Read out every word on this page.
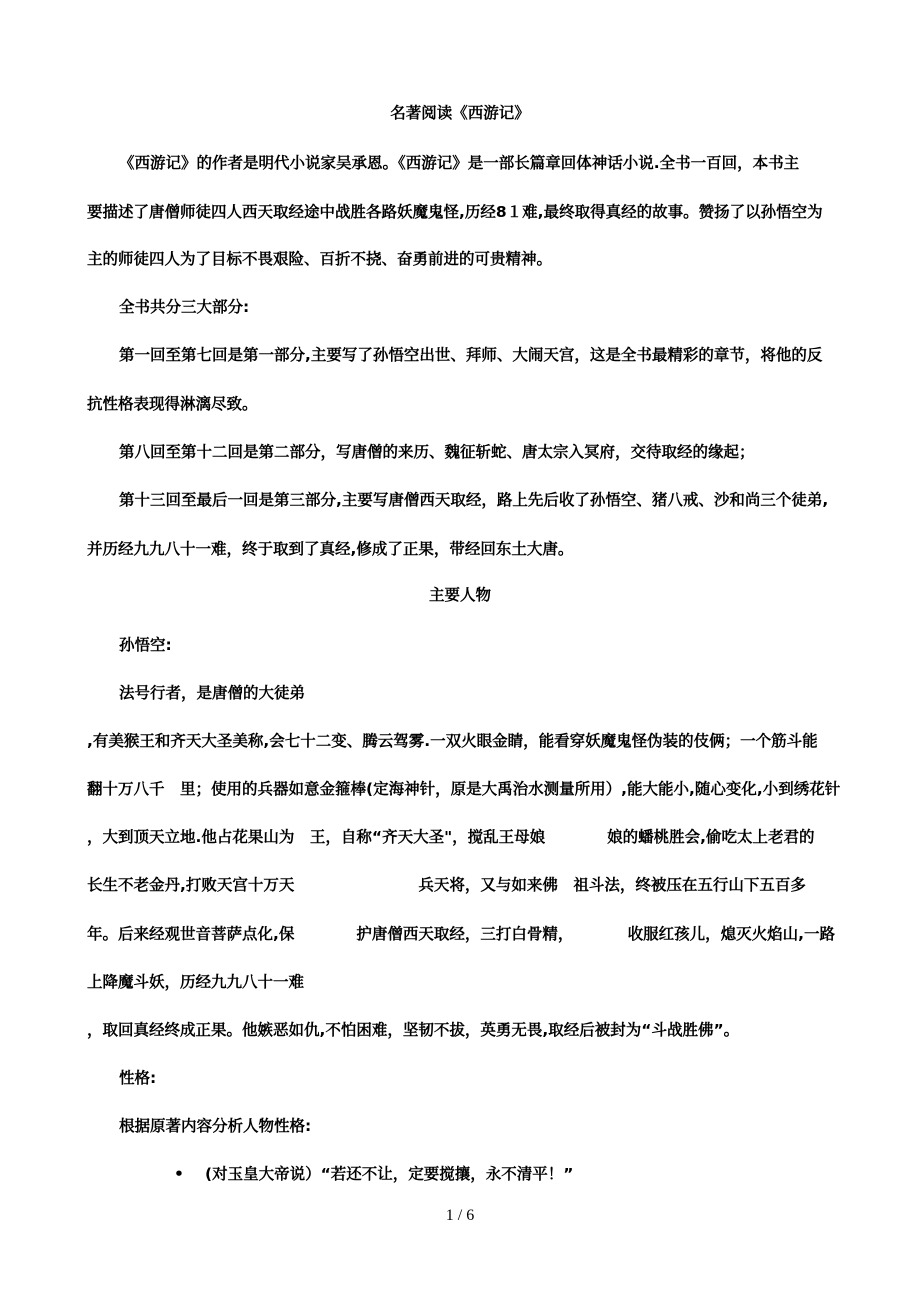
名著阅读《西游记》
《西游记》的作者是明代小说家吴承恩。《西游记》是一部长篇章回体神话小说.全书一百回，本书主
要描述了唐僧师徒四人西天取经途中战胜各路妖魔鬼怪,历经8１难,最终取得真经的故事。赞扬了以孙悟空为
主的师徒四人为了目标不畏艰险、百折不挠、奋勇前进的可贵精神。
全书共分三大部分:
第一回至第七回是第一部分,主要写了孙悟空出世、拜师、大闹天宫，这是全书最精彩的章节，将他的反
抗性格表现得淋漓尽致。
第八回至第十二回是第二部分，写唐僧的来历、魏征斩蛇、唐太宗入冥府，交待取经的缘起；
第十三回至最后一回是第三部分,主要写唐僧西天取经，路上先后收了孙悟空、猪八戒、沙和尚三个徒弟,
并历经九九八十一难，终于取到了真经,修成了正果，带经回东土大唐。
主要人物
孙悟空:
法号行者，是唐僧的大徒弟
,有美猴王和齐天大圣美称,会七十二变、腾云驾雾.一双火眼金睛，能看穿妖魔鬼怪伪装的伎俩；一个筋斗能
翻十万八千　里；使用的兵器如意金箍棒(定海神针，原是大禹治水测量所用）,能大能小,随心变化,小到绣花针
，大到顶天立地.他占花果山为　王，自称“齐天大圣"，搅乱王母娘　　　　娘的蟠桃胜会,偷吃太上老君的
长生不老金丹,打败天宫十万天　　　　　　　　兵天将，又与如来佛　祖斗法，终被压在五行山下五百多
年。后来经观世音菩萨点化,保　　　　护唐僧西天取经，三打白骨精，　　　　收服红孩儿，熄灭火焰山,一路
上降魔斗妖，历经九九八十一难
，取回真经终成正果。他嫉恶如仇,不怕困难，坚韧不拔，英勇无畏,取经后被封为“斗战胜佛”。
性格:
根据原著内容分析人物性格:
• (对玉皇大帝说）“若还不让，定要搅攘，永不清平！”
1 / 6
